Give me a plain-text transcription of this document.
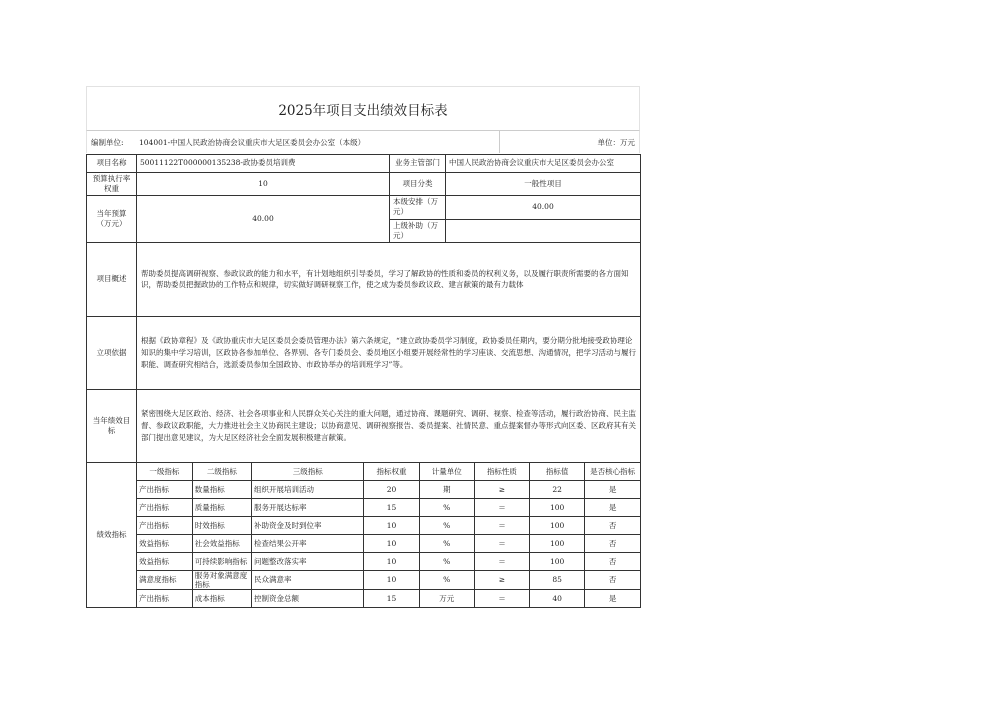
2025年项目支出绩效目标表
编制单位: 104001-中国人民政治协商会议重庆市大足区委员会办公室（本级）	单位：万元
项目名称	50011122T000000135238-政协委员培训费	业务主管部门	中国人民政治协商会议重庆市大足区委员会办公室
预算执行率权重	10	项目分类	一般性项目
当年预算（万元）	40.00	本级安排（万元）	40.00
上级补助（万元）	
项目概述	帮助委员提高调研视察、参政议政的能力和水平，有计划地组织引导委员，学习了解政协的性质和委员的权利义务，以及履行职责所需要的各方面知识，帮助委员把握政协的工作特点和规律，切实做好调研视察工作，使之成为委员参政议政、建言献策的最有力载体
立项依据	根据《政协章程》及《政协重庆市大足区委员会委员管理办法》第六条规定，“建立政协委员学习制度，政协委员任期内，要分期分批地接受政协理论知识的集中学习培训，区政协各参加单位、各界别、各专门委员会、委员地区小组要开展经常性的学习座谈、交流思想、沟通情况，把学习活动与履行职能、调查研究相结合，选派委员参加全国政协、市政协举办的培训班学习”等。
当年绩效目标	紧密围绕大足区政治、经济、社会各项事业和人民群众关心关注的重大问题，通过协商、课题研究、调研、视察、检查等活动，履行政治协商、民主监督、参政议政职能，大力推进社会主义协商民主建设；以协商意见、调研视察报告、委员提案、社情民意、重点提案督办等形式向区委、区政府其有关部门提出意见建议，为大足区经济社会全面发展积极建言献策。
绩效指标	
一级指标	二级指标	三级指标	指标权重	计量单位	指标性质	指标值	是否核心指标
产出指标	数量指标	组织开展培训活动	20	期	≥	22	是
产出指标	质量指标	服务开展达标率	15	%	＝	100	是
产出指标	时效指标	补助资金及时到位率	10	%	＝	100	否
效益指标	社会效益指标	检查结果公开率	10	%	＝	100	否
效益指标	可持续影响指标	问题整改落实率	10	%	＝	100	否
满意度指标	服务对象满意度指标	民众满意率	10	%	≥	85	否
产出指标	成本指标	控制资金总额	15	万元	＝	40	是
